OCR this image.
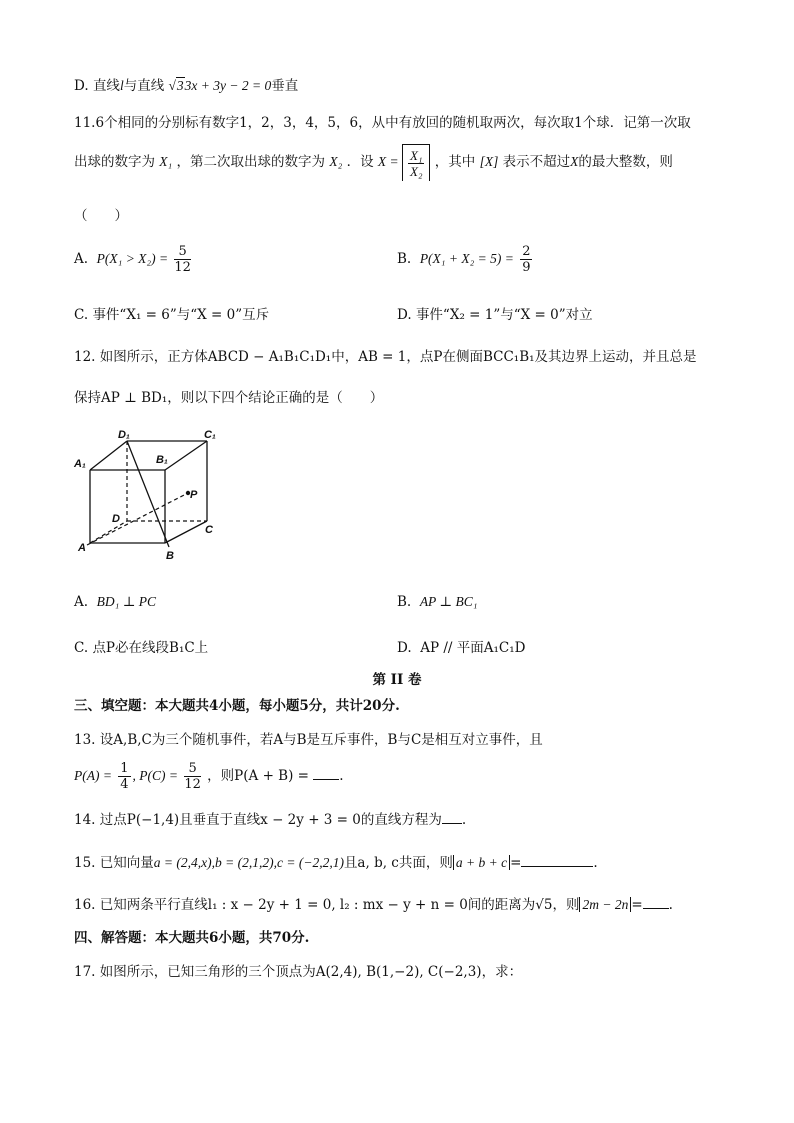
D. 直线l与直线 √33x + 3y − 2 = 0垂直
11.6个相同的分别标有数字1，2，3，4，5，6，从中有放回的随机取两次，每次取1个球．记第一次取
出球的数字为 X₁ ，第二次取出球的数字为 X₂ ．设 $X = \frac{\text{X₁}}{\text{X₂}}$ ，其中 [X] 表示不超过X的最大整数，则
（　　）
A. $P(X_1 > X_2) = \frac{5}{12}$	B. $P(X_1 + X_2 = 5) = \frac{2}{9}$
C. 事件“X₁ = 6”与“X = 0”互斥	D. 事件“X₂ = 1”与“X = 0”对立
12. 如图所示，正方体ABCD − A₁B₁C₁D₁中，AB = 1，点P在侧面BCC₁B₁及其边界上运动，并且总是
保持AP ⊥ BD₁，则以下四个结论正确的是（　　）
D₁	C₁
A₁	B₁
P
D
C
A
B
A. BD₁ ⊥ PC	B. AP ⊥ BC₁
C. 点P必在线段B₁C上	D. AP // 平面A₁C₁D
第 II 卷
三、填空题：本大题共4小题，每小题5分，共计20分.
13. 设A,B,C为三个随机事件，若A与B是互斥事件，B与C是相互对立事件，且
$P(A) = \frac{1}{4}$ , $P(C) = \frac{5}{12}$ ，则P(A + B) = .
14. 过点P(−1,4)且垂直于直线x − 2y + 3 = 0的直线方程为 .
15. 已知向量a = (2,4,x),b = (2,1,2),c = (−2,2,1)且a, b, c共面，则 a + b + c =	.
16. 已知两条平行直线l₁ : x − 2y + 1 = 0, l₂ : mx − y + n = 0间的距离为√5，则 2m − 2n = .
四、解答题：本大题共6小题，共70分.
17. 如图所示，已知三角形的三个顶点为A(2,4), B(1,−2), C(−2,3)，求：
